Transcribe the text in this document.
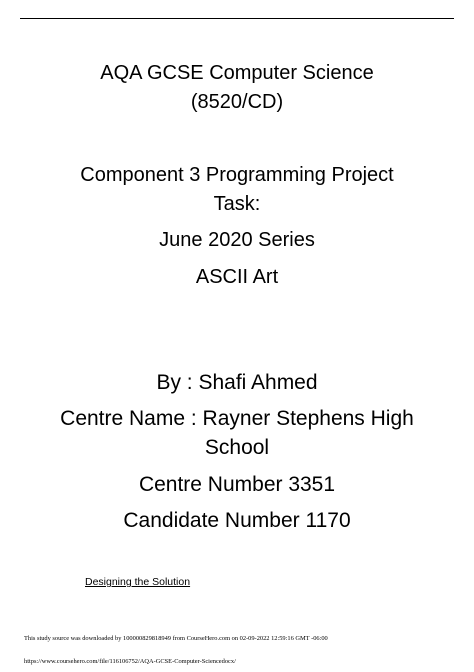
AQA GCSE Computer Science
(8520/CD)
Component 3 Programming Project
Task:
June 2020 Series
ASCII Art
By : Shafi Ahmed
Centre Name : Rayner Stephens High
School
Centre Number 3351
Candidate Number 1170
Designing the Solution
This study source was downloaded by 100000829818949 from CourseHero.com on 02-09-2022 12:59:16 GMT -06:00
https://www.coursehero.com/file/116106752/AQA-GCSE-Computer-Sciencedocx/
